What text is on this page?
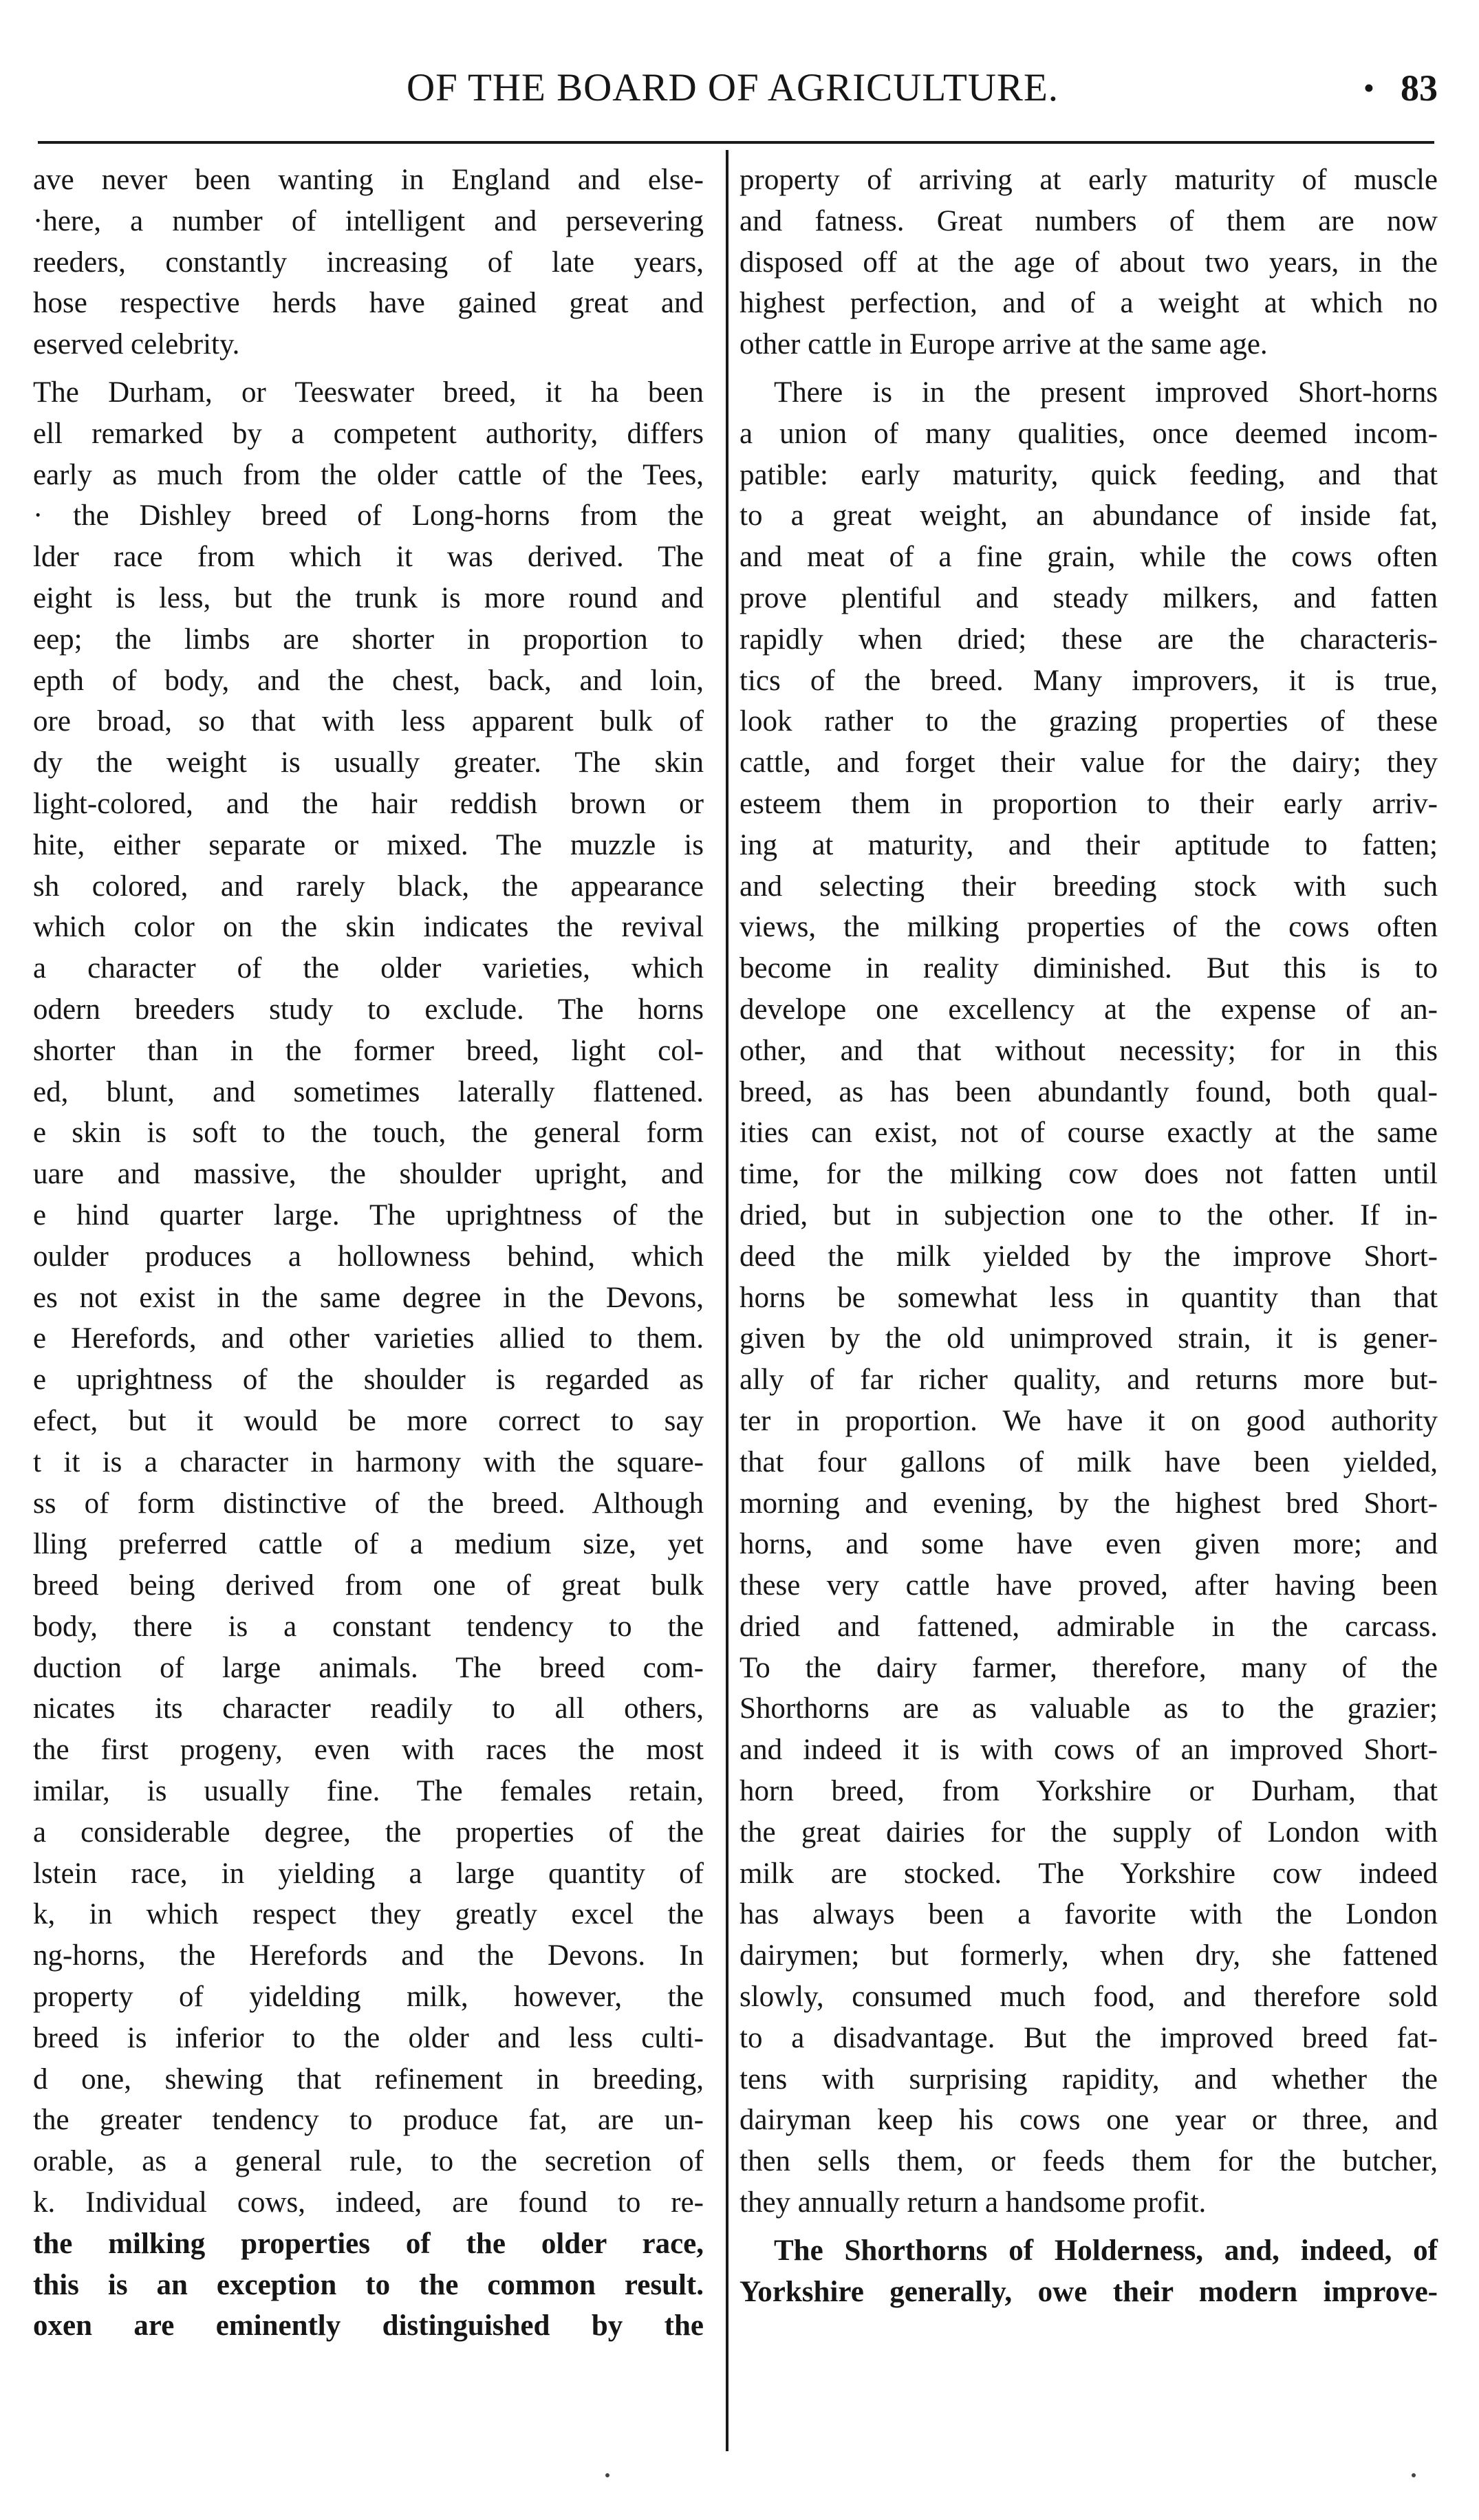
OF THE BOARD OF AGRICULTURE.	• 83
ave never been wanting in England and else-
·here, a number of intelligent and persevering
reeders, constantly increasing of late years,
hose respective herds have gained great and
eserved celebrity.
The Durham, or Teeswater breed, it ha been
ell remarked by a competent authority, differs
early as much from the older cattle of the Tees,
· the Dishley breed of Long-horns from the
lder race from which it was derived. The
eight is less, but the trunk is more round and
eep; the limbs are shorter in proportion to
epth of body, and the chest, back, and loin,
ore broad, so that with less apparent bulk of
dy the weight is usually greater. The skin
light-colored, and the hair reddish brown or
hite, either separate or mixed. The muzzle is
sh colored, and rarely black, the appearance
which color on the skin indicates the revival
a character of the older varieties, which
odern breeders study to exclude. The horns
shorter than in the former breed, light col-
ed, blunt, and sometimes laterally flattened.
e skin is soft to the touch, the general form
uare and massive, the shoulder upright, and
e hind quarter large. The uprightness of the
oulder produces a hollowness behind, which
es not exist in the same degree in the Devons,
e Herefords, and other varieties allied to them.
e uprightness of the shoulder is regarded as
efect, but it would be more correct to say
t it is a character in harmony with the square-
ss of form distinctive of the breed. Although
lling preferred cattle of a medium size, yet
breed being derived from one of great bulk
body, there is a constant tendency to the
duction of large animals. The breed com-
nicates its character readily to all others,
the first progeny, even with races the most
imilar, is usually fine. The females retain,
a considerable degree, the properties of the
lstein race, in yielding a large quantity of
k, in which respect they greatly excel the
ng-horns, the Herefords and the Devons. In
property of yidelding milk, however, the
breed is inferior to the older and less culti-
d one, shewing that refinement in breeding,
the greater tendency to produce fat, are un-
orable, as a general rule, to the secretion of
k. Individual cows, indeed, are found to re-
the milking properties of the older race,
this is an exception to the common result.
oxen are eminently distinguished by the
property of arriving at early maturity of muscle
and fatness. Great numbers of them are now
disposed off at the age of about two years, in the
highest perfection, and of a weight at which no
other cattle in Europe arrive at the same age.
There is in the present improved Short-horns
a union of many qualities, once deemed incom-
patible: early maturity, quick feeding, and that
to a great weight, an abundance of inside fat,
and meat of a fine grain, while the cows often
prove plentiful and steady milkers, and fatten
rapidly when dried; these are the characteris-
tics of the breed. Many improvers, it is true,
look rather to the grazing properties of these
cattle, and forget their value for the dairy; they
esteem them in proportion to their early arriv-
ing at maturity, and their aptitude to fatten;
and selecting their breeding stock with such
views, the milking properties of the cows often
become in reality diminished. But this is to
develope one excellency at the expense of an-
other, and that without necessity; for in this
breed, as has been abundantly found, both qual-
ities can exist, not of course exactly at the same
time, for the milking cow does not fatten until
dried, but in subjection one to the other. If in-
deed the milk yielded by the improve Short-
horns be somewhat less in quantity than that
given by the old unimproved strain, it is gener-
ally of far richer quality, and returns more but-
ter in proportion. We have it on good authority
that four gallons of milk have been yielded,
morning and evening, by the highest bred Short-
horns, and some have even given more; and
these very cattle have proved, after having been
dried and fattened, admirable in the carcass.
To the dairy farmer, therefore, many of the
Shorthorns are as valuable as to the grazier;
and indeed it is with cows of an improved Short-
horn breed, from Yorkshire or Durham, that
the great dairies for the supply of London with
milk are stocked. The Yorkshire cow indeed
has always been a favorite with the London
dairymen; but formerly, when dry, she fattened
slowly, consumed much food, and therefore sold
to a disadvantage. But the improved breed fat-
tens with surprising rapidity, and whether the
dairyman keep his cows one year or three, and
then sells them, or feeds them for the butcher,
they annually return a handsome profit.
The Shorthorns of Holderness, and, indeed, of
Yorkshire generally, owe their modern improve-
